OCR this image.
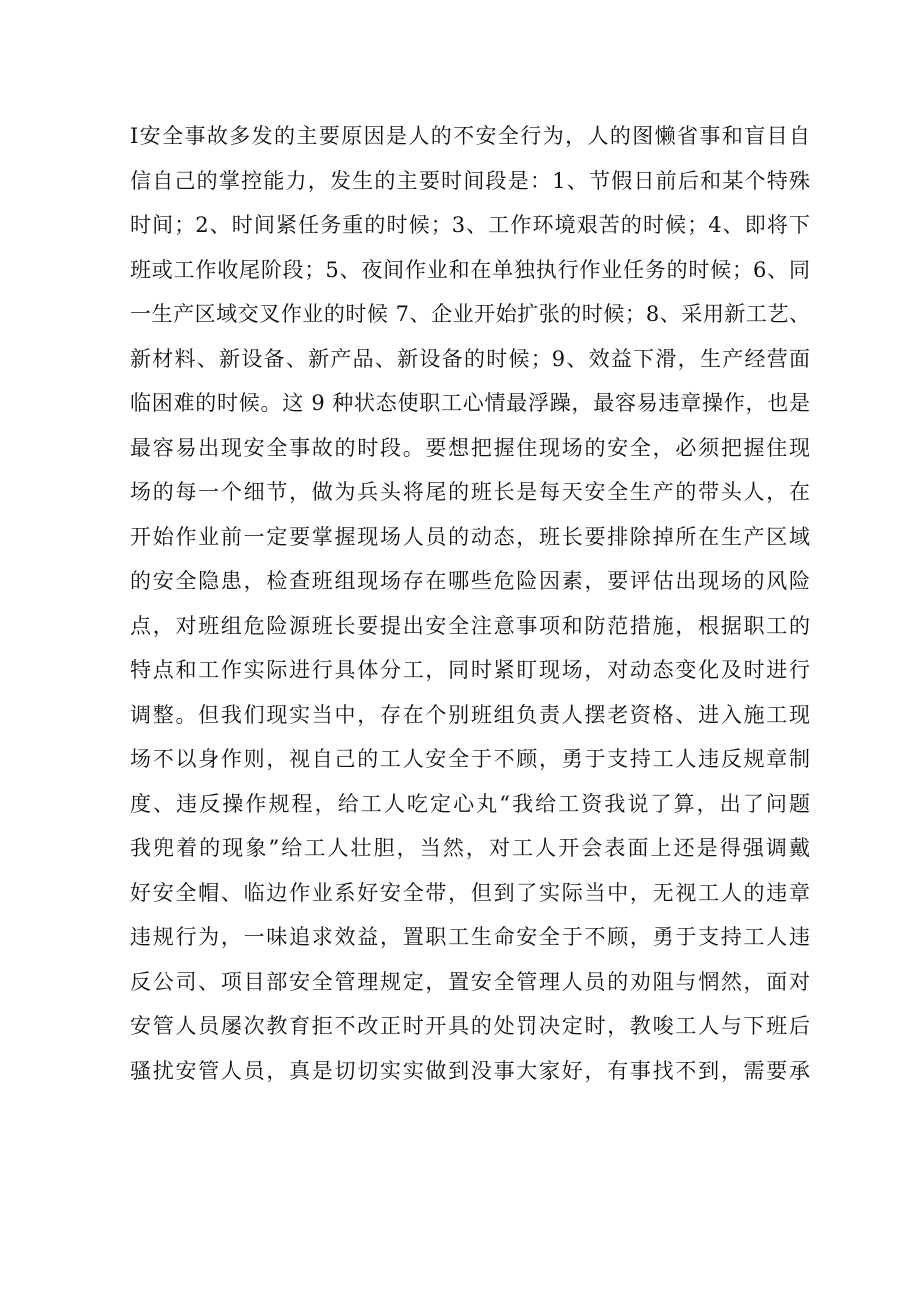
I安全事故多发的主要原因是人的不安全行为，人的图懒省事和盲目自
信自己的掌控能力，发生的主要时间段是：1、节假日前后和某个特殊
时间；2、时间紧任务重的时候；3、工作环境艰苦的时候；4、即将下
班或工作收尾阶段；5、夜间作业和在单独执行作业任务的时候；6、同
一生产区域交叉作业的时候 7、企业开始扩张的时候；8、采用新工艺、
新材料、新设备、新产品、新设备的时候；9、效益下滑，生产经营面
临困难的时候。这 9 种状态使职工心情最浮躁，最容易违章操作，也是
最容易出现安全事故的时段。要想把握住现场的安全，必须把握住现
场的每一个细节，做为兵头将尾的班长是每天安全生产的带头人，在
开始作业前一定要掌握现场人员的动态，班长要排除掉所在生产区域
的安全隐患，检查班组现场存在哪些危险因素，要评估出现场的风险
点，对班组危险源班长要提出安全注意事项和防范措施，根据职工的
特点和工作实际进行具体分工，同时紧盯现场，对动态变化及时进行
调整。但我们现实当中，存在个别班组负责人摆老资格、进入施工现
场不以身作则，视自己的工人安全于不顾，勇于支持工人违反规章制
度、违反操作规程，给工人吃定心丸“我给工资我说了算，出了问题
我兜着的现象”给工人壮胆，当然，对工人开会表面上还是得强调戴
好安全帽、临边作业系好安全带，但到了实际当中，无视工人的违章
违规行为，一味追求效益，置职工生命安全于不顾，勇于支持工人违
反公司、项目部安全管理规定，置安全管理人员的劝阻与惘然，面对
安管人员屡次教育拒不改正时开具的处罚决定时，教唆工人与下班后
骚扰安管人员，真是切切实实做到没事大家好，有事找不到，需要承
